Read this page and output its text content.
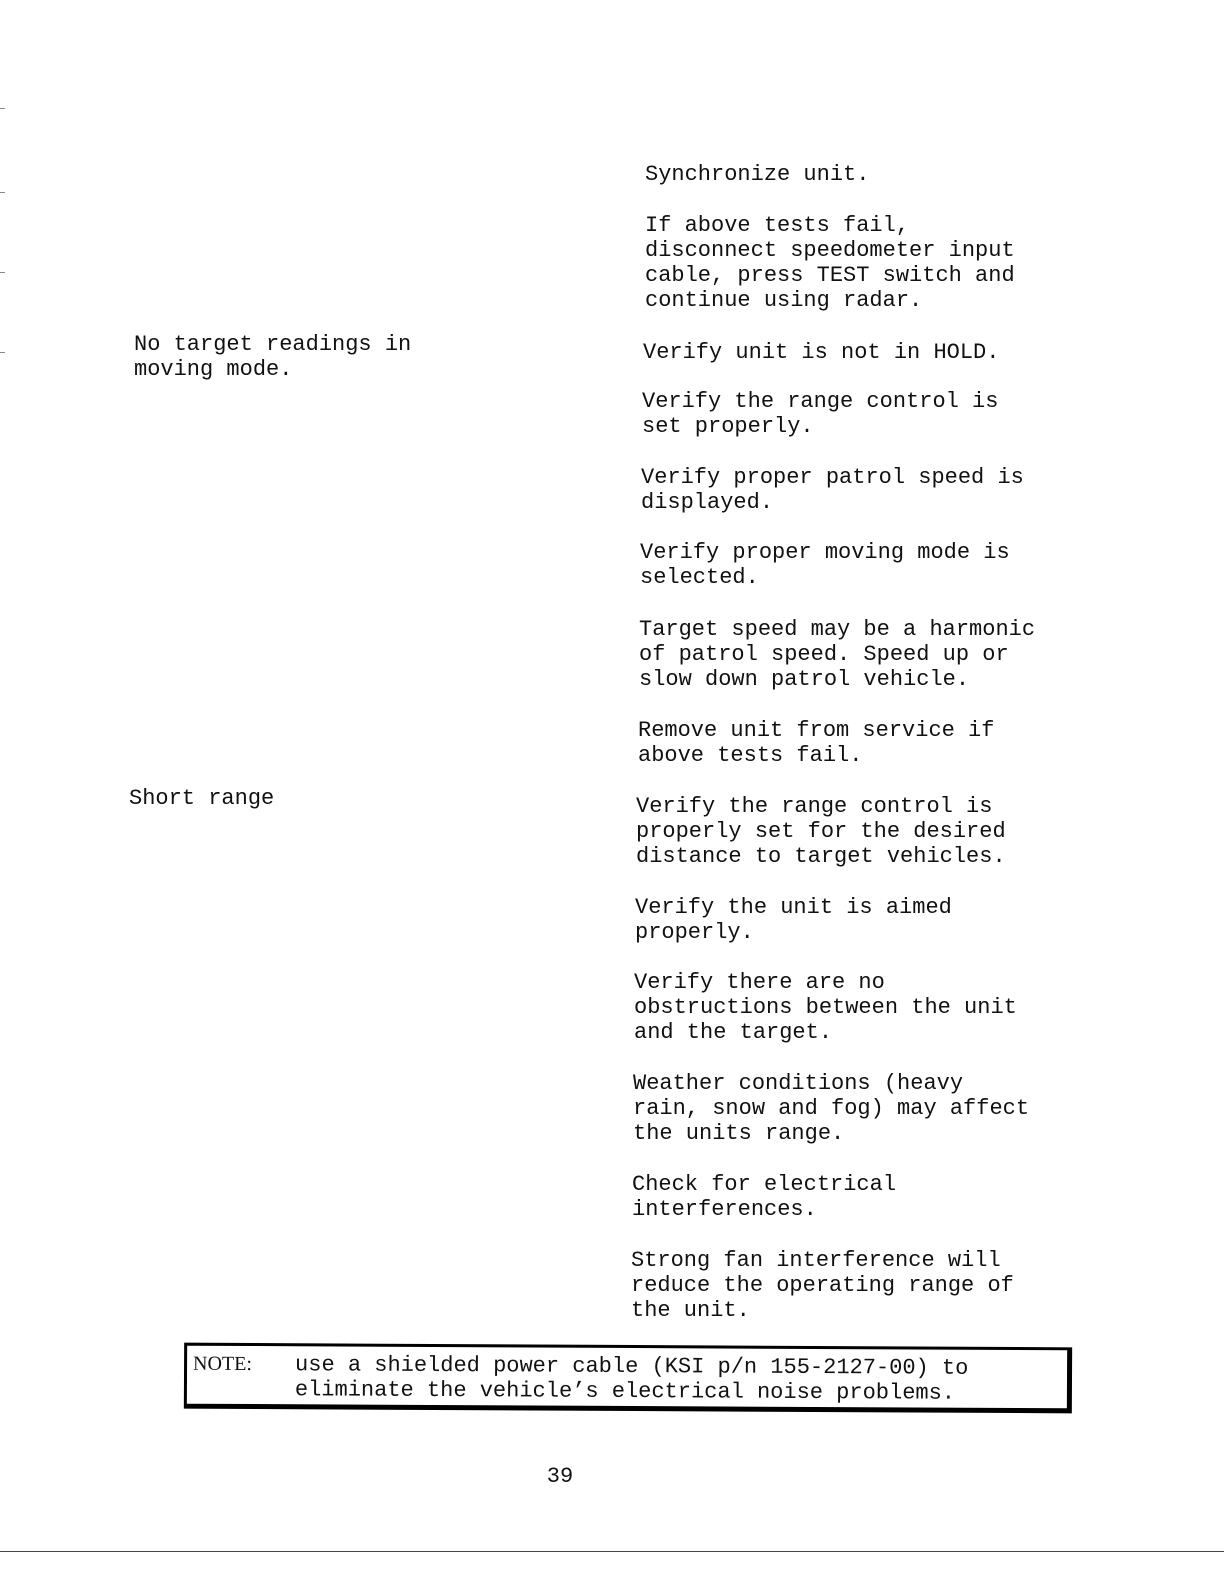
No target readings in
moving mode.

Short range

Synchronize unit.

If above tests fail,
disconnect speedometer input
cable, press TEST switch and
continue using radar.

Verify unit is not in HOLD.

Verify the range control is
set properly.

Verify proper patrol speed is
displayed.

Verify proper moving mode is
selected.

Target speed may be a harmonic
of patrol speed. Speed up or
slow down patrol vehicle.

Remove unit from service if
above tests fail.

Verify the range control is
properly set for the desired
distance to target vehicles.

Verify the unit is aimed
properly.

Verify there are no
obstructions between the unit
and the target.

Weather conditions (heavy
rain, snow and fog) may affect
the units range.

Check for electrical
interferences.

Strong fan interference will
reduce the operating range of
the unit.

NOTE: use a shielded power cable (KSI p/n 155-2127-00) to
eliminate the vehicle’s electrical noise problems.
39
